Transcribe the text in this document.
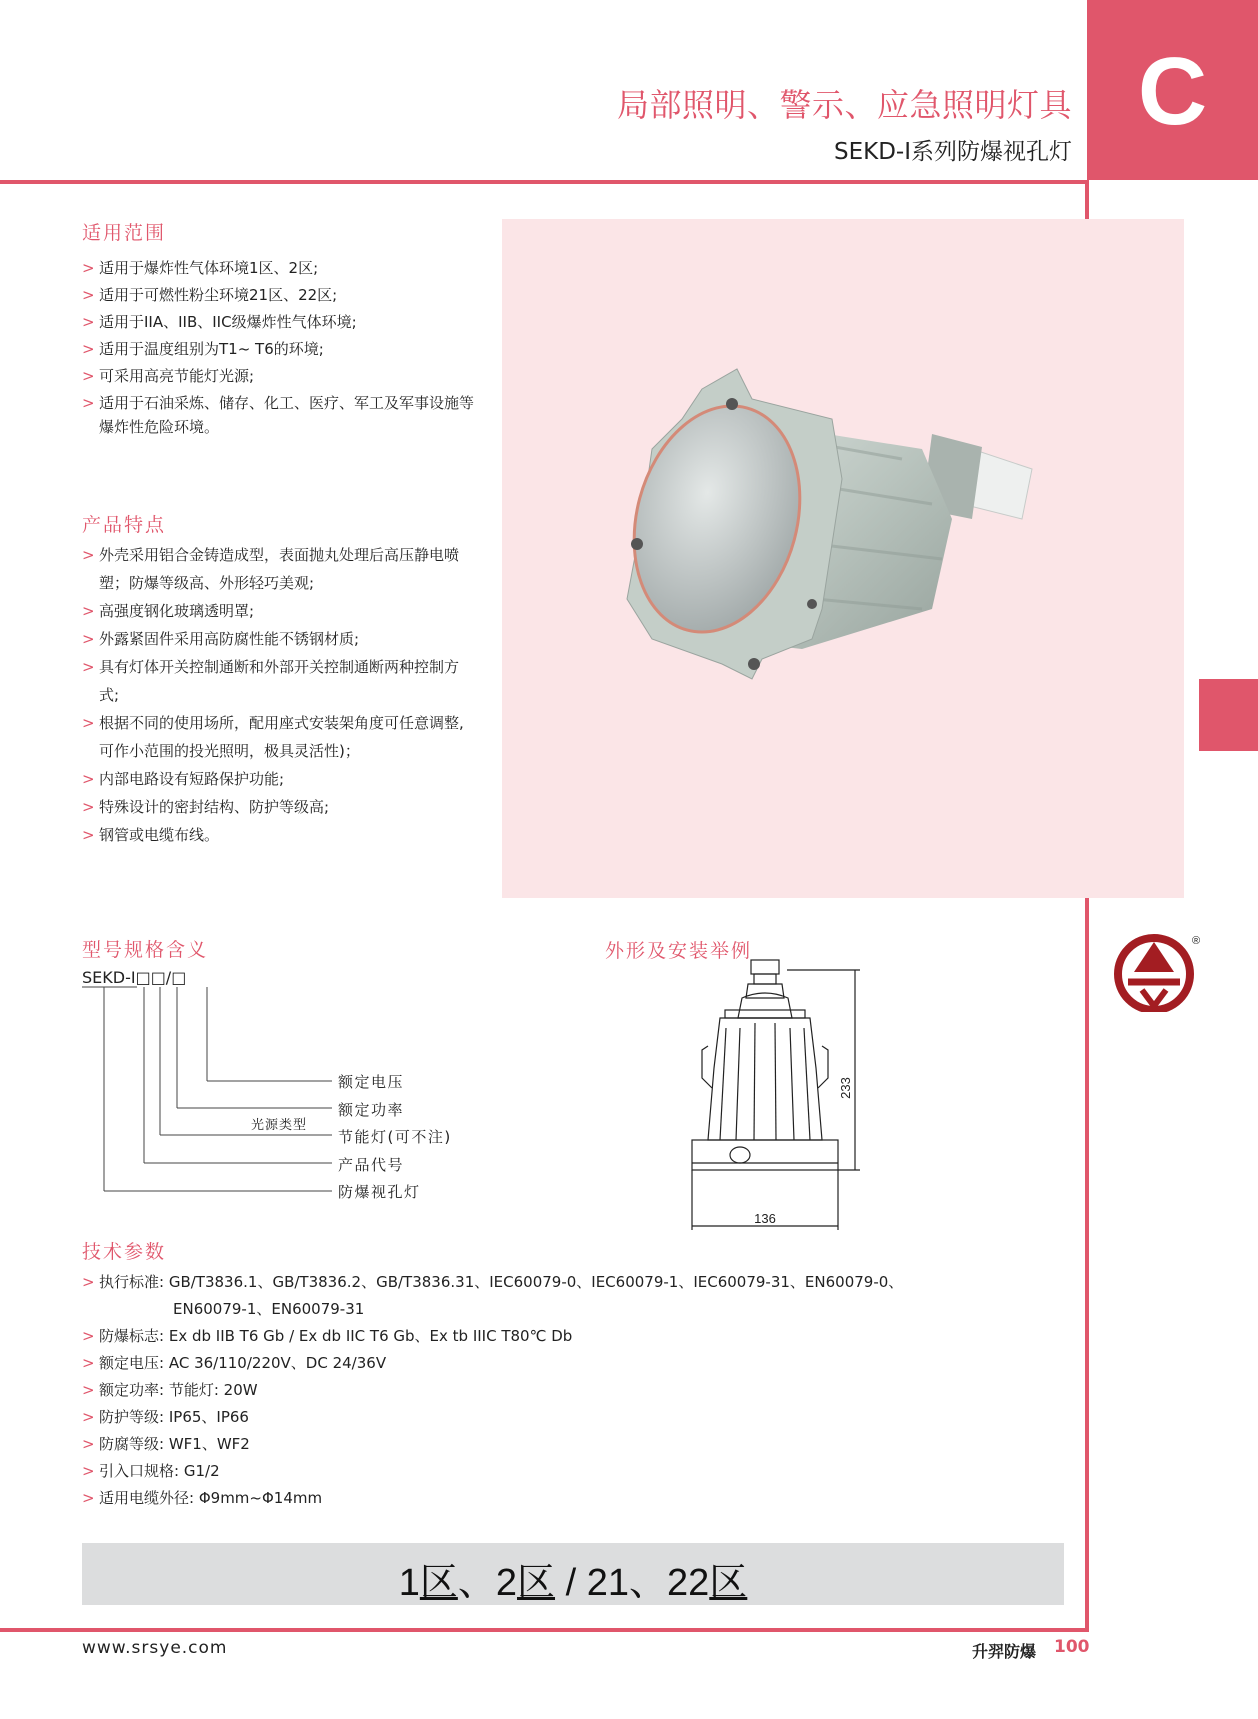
C
局部照明、警示、应急照明灯具
SEKD-I系列防爆视孔灯
适用范围
> 适用于爆炸性气体环境1区、2区;
> 适用于可燃性粉尘环境21区、22区;
> 适用于IIA、IIB、IIC级爆炸性气体环境;
> 适用于温度组别为T1~ T6的环境;
> 可采用高亮节能灯光源;
> 适用于石油采炼、储存、化工、医疗、军工及军事设施等爆炸性危险环境。
产品特点
> 外壳采用铝合金铸造成型，表面抛丸处理后高压静电喷塑；防爆等级高、外形轻巧美观;
> 高强度钢化玻璃透明罩;
> 外露紧固件采用高防腐性能不锈钢材质;
> 具有灯体开关控制通断和外部开关控制通断两种控制方式;
> 根据不同的使用场所，配用座式安装架角度可任意调整,可作小范围的投光照明，极具灵活性)；
> 内部电路设有短路保护功能;
> 特殊设计的密封结构、防护等级高;
> 钢管或电缆布线。
型号规格含义
SEKD-Ⅰ□□/□
额定电压
额定功率
光源类型
节能灯(可不注)
产品代号
防爆视孔灯
外形及安装举例
233
136
技术参数
> 执行标准: GB/T3836.1、GB/T3836.2、GB/T3836.31、IEC60079-0、IEC60079-1、IEC60079-31、EN60079-0、
EN60079-1、EN60079-31
> 防爆标志: Ex db IIB T6 Gb / Ex db IIC T6 Gb、Ex tb IIIC T80℃ Db
> 额定电压: AC 36/110/220V、DC 24/36V
> 额定功率: 节能灯: 20W
> 防护等级: IP65、IP66
> 防腐等级: WF1、WF2
> 引入口规格: G1/2
> 适用电缆外径: Φ9mm~Φ14mm
1区、2区 / 21、22区
www.srsye.com	升羿防爆 100
®
